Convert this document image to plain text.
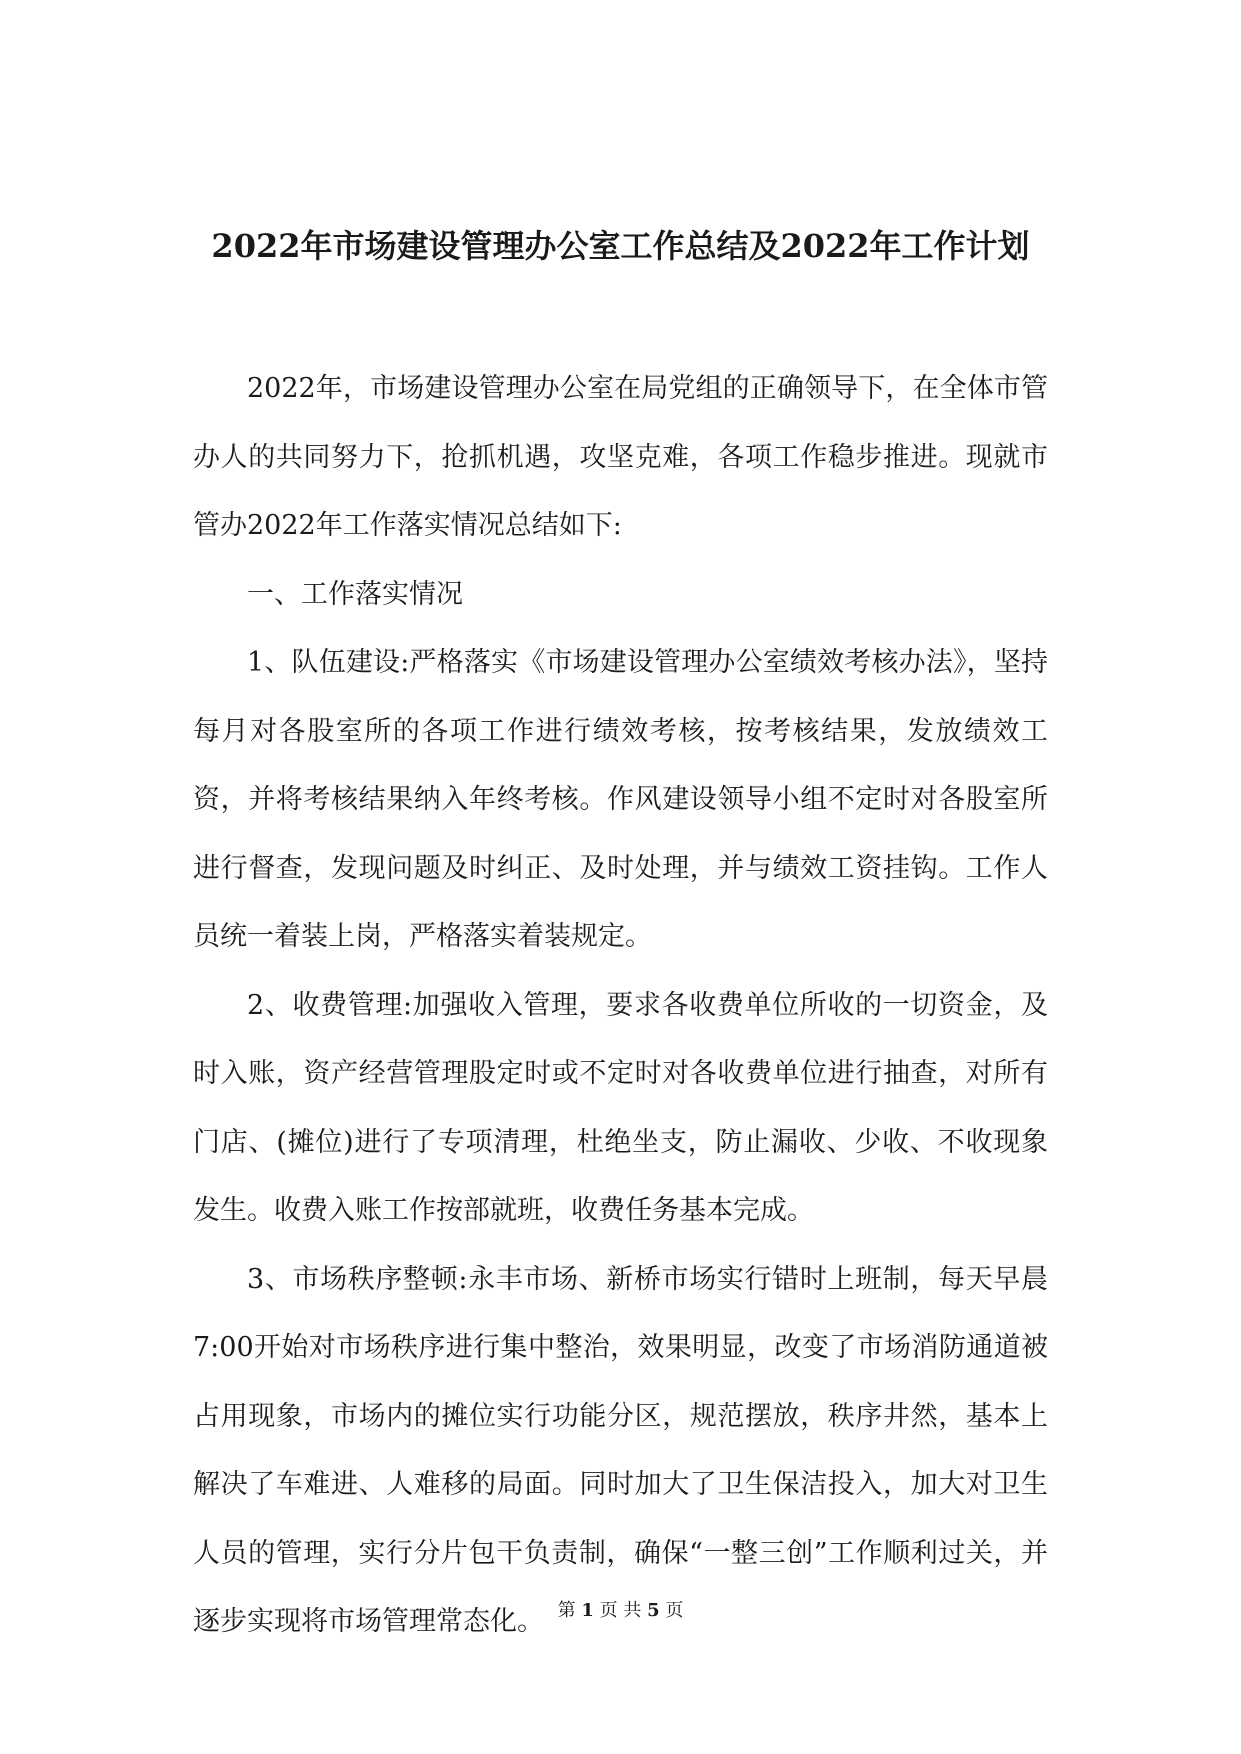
2022年市场建设管理办公室工作总结及2022年工作计划

2022年，市场建设管理办公室在局党组的正确领导下，在全体市管办人的共同努力下，抢抓机遇，攻坚克难，各项工作稳步推进。现就市管办2022年工作落实情况总结如下:

一、工作落实情况

1、队伍建设:严格落实《市场建设管理办公室绩效考核办法》，坚持每月对各股室所的各项工作进行绩效考核，按考核结果，发放绩效工资，并将考核结果纳入年终考核。作风建设领导小组不定时对各股室所进行督查，发现问题及时纠正、及时处理，并与绩效工资挂钩。工作人员统一着装上岗，严格落实着装规定。

2、收费管理:加强收入管理，要求各收费单位所收的一切资金，及时入账，资产经营管理股定时或不定时对各收费单位进行抽查，对所有门店、(摊位)进行了专项清理，杜绝坐支，防止漏收、少收、不收现象发生。收费入账工作按部就班，收费任务基本完成。

3、市场秩序整顿:永丰市场、新桥市场实行错时上班制，每天早晨7:00开始对市场秩序进行集中整治，效果明显，改变了市场消防通道被占用现象，市场内的摊位实行功能分区，规范摆放，秩序井然，基本上解决了车难进、人难移的局面。同时加大了卫生保洁投入，加大对卫生人员的管理，实行分片包干负责制，确保“一整三创”工作顺利过关，并逐步实现将市场管理常态化。 第 1 页 共 5 页
